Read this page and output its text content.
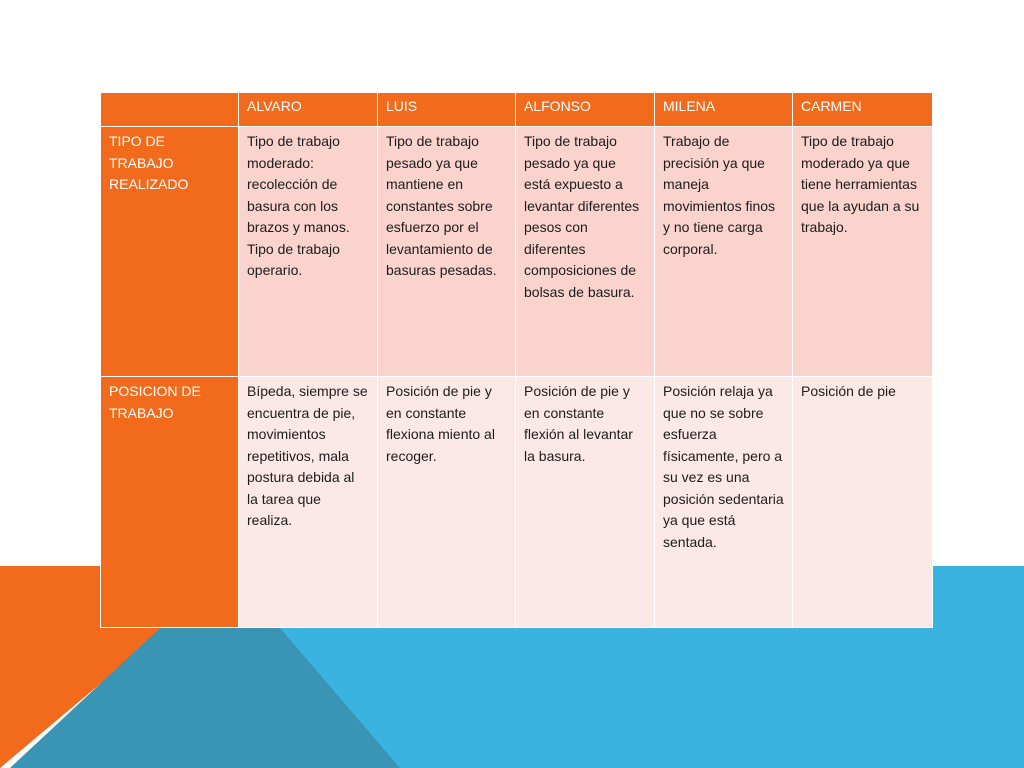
	ALVARO	LUIS	ALFONSO	MILENA	CARMEN
TIPO DE TRABAJO REALIZADO	Tipo de trabajo moderado: recolección de basura con los brazos y manos. Tipo de trabajo operario.	Tipo de trabajo pesado ya que mantiene en constantes sobre esfuerzo por el levantamiento de basuras pesadas.	Tipo de trabajo pesado ya que está expuesto a levantar diferentes pesos con diferentes composiciones de bolsas de basura.	Trabajo de precisión ya que maneja movimientos finos y no tiene carga corporal.	Tipo de trabajo moderado ya que tiene herramientas que la ayudan a su trabajo.
POSICION DE TRABAJO	Bípeda, siempre se encuentra de pie, movimientos repetitivos, mala postura debida al la tarea que realiza.	Posición de pie y en constante flexiona miento al recoger.	Posición de pie y en constante flexión al levantar la basura.	Posición relaja ya que no se sobre esfuerza físicamente, pero a su vez es una posición sedentaria ya que está sentada.	Posición de pie
